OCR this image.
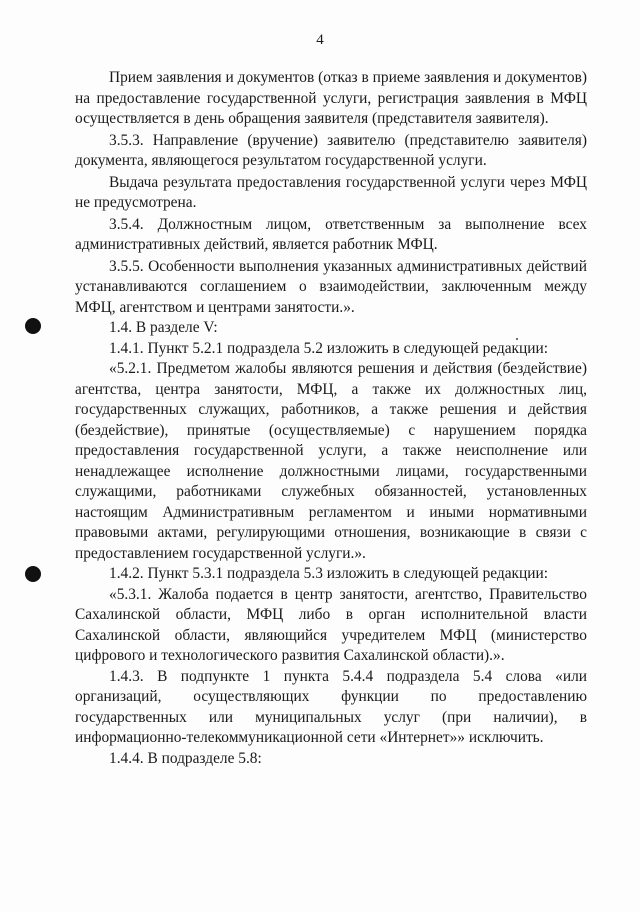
4

Прием заявления и документов (отказ в приеме заявления и документов) на предоставление государственной услуги, регистрация заявления в МФЦ осуществляется в день обращения заявителя (представителя заявителя).

3.5.3. Направление (вручение) заявителю (представителю заявителя) документа, являющегося результатом государственной услуги.

Выдача результата предоставления государственной услуги через МФЦ не предусмотрена.

3.5.4. Должностным лицом, ответственным за выполнение всех административных действий, является работник МФЦ.

3.5.5. Особенности выполнения указанных административных действий устанавливаются соглашением о взаимодействии, заключенным между МФЦ, агентством и центрами занятости.».

1.4. В разделе V:

1.4.1. Пункт 5.2.1 подраздела 5.2 изложить в следующей редакции:

«5.2.1. Предметом жалобы являются решения и действия (бездействие) агентства, центра занятости, МФЦ, а также их должностных лиц, государственных служащих, работников, а также решения и действия (бездействие), принятые (осуществляемые) с нарушением порядка предоставления государственной услуги, а также неисполнение или ненадлежащее исполнение должностными лицами, государственными служащими, работниками служебных обязанностей, установленных настоящим Административным регламентом и иными нормативными правовыми актами, регулирующими отношения, возникающие в связи с предоставлением государственной услуги.».

1.4.2. Пункт 5.3.1 подраздела 5.3 изложить в следующей редакции:

«5.3.1. Жалоба подается в центр занятости, агентство, Правительство Сахалинской области, МФЦ либо в орган исполнительной власти Сахалинской области, являющийся учредителем МФЦ (министерство цифрового и технологического развития Сахалинской области).».

1.4.3. В подпункте 1 пункта 5.4.4 подраздела 5.4 слова «или организаций, осуществляющих функции по предоставлению государственных или муниципальных услуг (при наличии), в информационно-телекоммуникационной сети «Интернет»» исключить.

1.4.4. В подразделе 5.8:
